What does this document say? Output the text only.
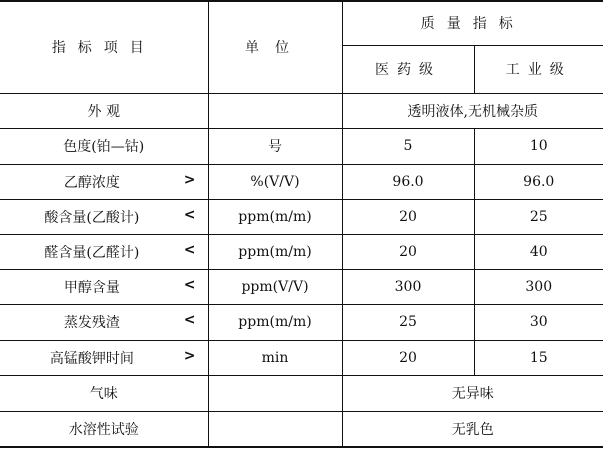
指标项目	单位	质量指标	
		医药级	工业级
外 观		透明液体,无机械杂质	
色度(铂—钴)	号	5	10
乙醇浓度 >	%(V/V)	96.0	96.0
酸含量(乙酸计) <	ppm(m/m)	20	25
醛含量(乙醛计) <	ppm(m/m)	20	40
甲醇含量 <	ppm(V/V)	300	300
蒸发残渣 <	ppm(m/m)	25	30
高锰酸钾时间 >	min	20	15
气味		无异味	
水溶性试验		无乳色	
